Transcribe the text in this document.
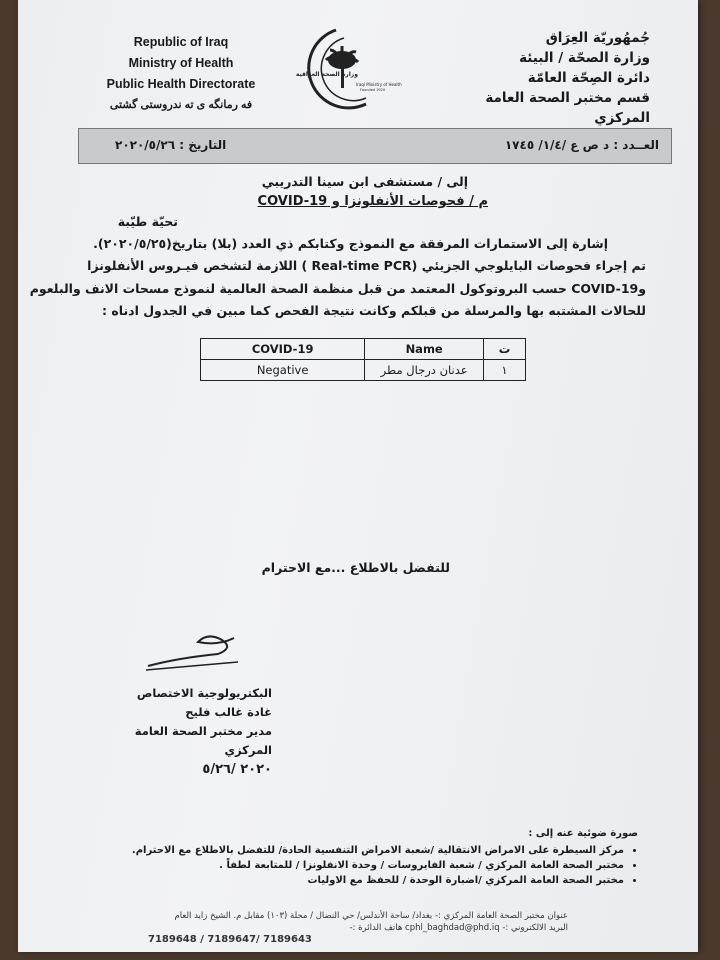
Republic of Iraq
Ministry of Health
Public Health Directorate
فه رمانگه ى ته ندروستى گشتى
وزارة الصحة العراقية
Iraqi Ministry of Health
Founded 1920
جُمهُوريّة العِرَاق
وزارة الصحّة / البيئة
دائرة الصِحّة العامّة
قسم مختبر الصحة العامة المركزي
العــدد : د ص ع /١/٤/ ١٧٤٥
التاريخ : ٢٠٢٠/٥/٢٦
إلى / مستشفى ابن سينا التدريبي
م / فحوصات الأنفلونزا و COVID-19
تحيّة طيّبة
إشارة إلى الاستمارات المرفقة مع النموذج وكتابكم ذي العدد (بلا) بتاريخ(٢٠٢٠/٥/٢٥).
تم إجراء فحوصات البايلوجي الجزيئي (Real-time PCR ) اللازمة لتشخص فيـروس الأنفلونزا
وCOVID-19 حسب البروتوكول المعتمد من قبل منظمة الصحة العالمية لنموذج مسحات الانف والبلعوم
للحالات المشتبه بها والمرسلة من قبلكم وكانت نتيجة الفحص كما مبين في الجدول ادناه :
COVID-19	Name	ت
Negative	عدنان درجال مطر	١
للتفضل بالاطلاع ...مع الاحترام
البكتريولوجية الاختصاص
غادة غالب فليح
مدير مختبر الصحة العامة المركزي
٢٠٢٠ /٥/٢٦
صورة ضوئية عنه إلى :
• مركز السيطرة على الامراض الانتقالية /شعبة الامراض التنفسية الحادة/ للتفضل بالاطلاع مع الاحترام.
• مختبر الصحة العامة المركزي / شعبة الفايروسات / وحدة الانفلونزا / للمتابعة لطفاً .
• مختبر الصحة العامة المركزي /اضبارة الوحدة / للحفظ مع الاوليات
عنوان مختبر الصحة العامة المركزي :- بغداد/ ساحة الأندلس/ حي النضال / محلة (١٠٣) مقابل م. الشيخ زايد العام
البريد الالكتروني :- cphl_baghdad@phd.iq هاتف الدائرة :-
7189648 / 7189647/ 7189643
